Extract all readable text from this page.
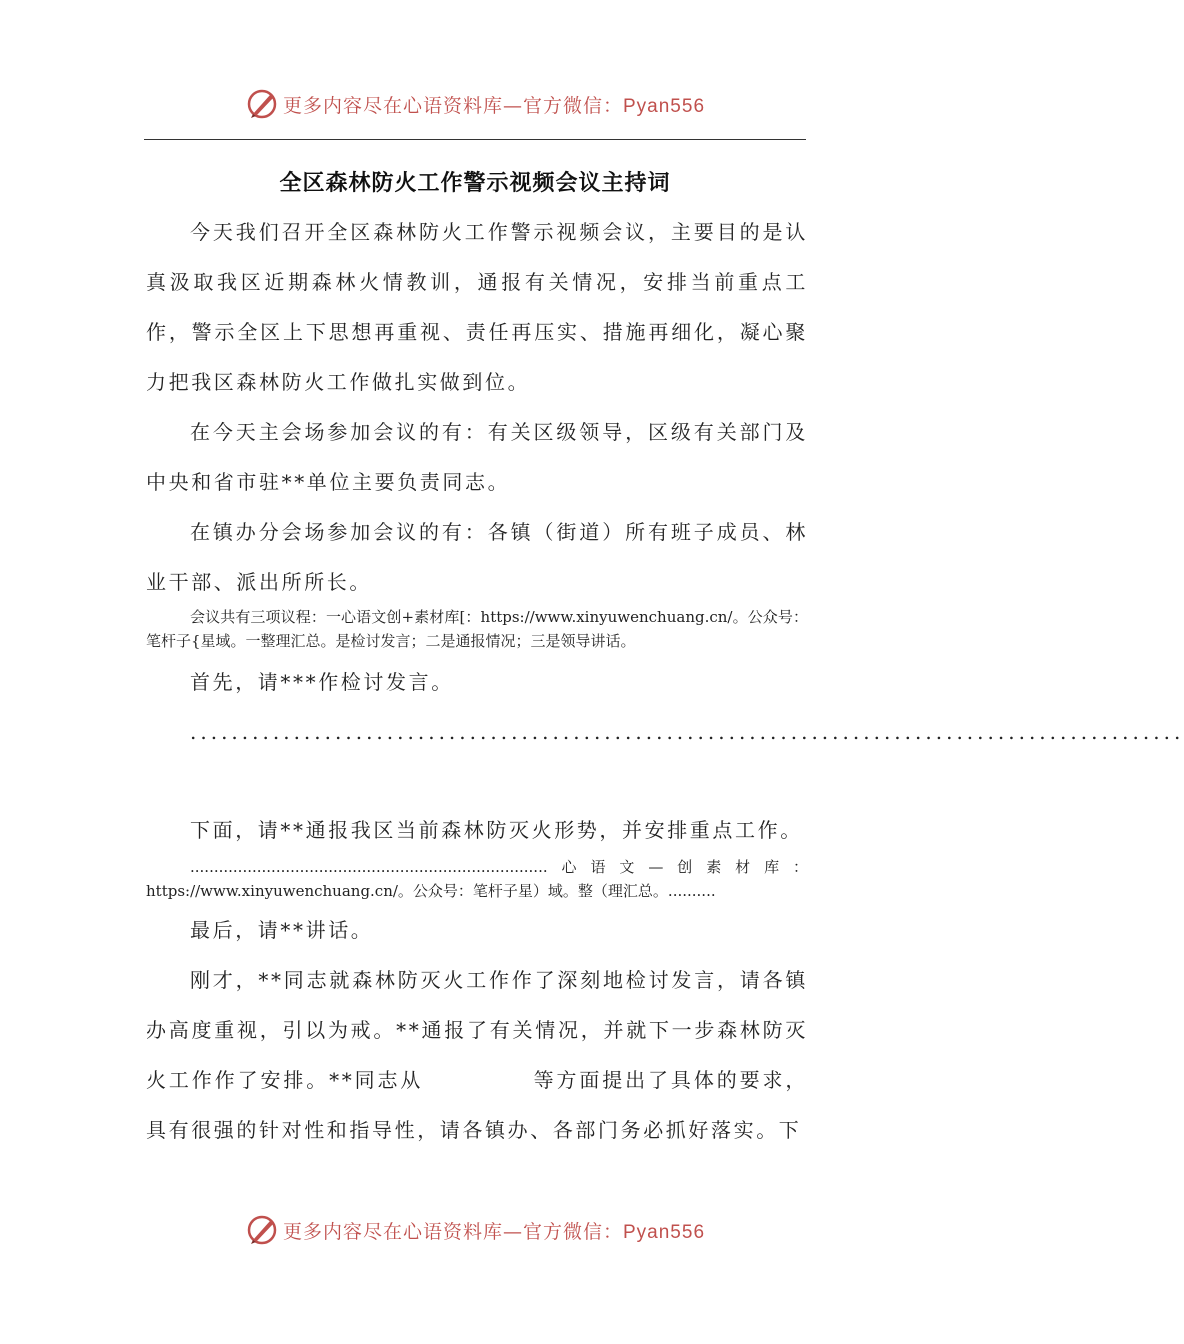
更多内容尽在心语资料库—官方微信：Pyan556
全区森林防火工作警示视频会议主持词

今天我们召开全区森林防火工作警示视频会议，主要目的是认真汲取我区近期森林火情教训，通报有关情况，安排当前重点工作，警示全区上下思想再重视、责任再压实、措施再细化，凝心聚力把我区森林防火工作做扎实做到位。

在今天主会场参加会议的有：有关区级领导，区级有关部门及中央和省市驻**单位主要负责同志。

在镇办分会场参加会议的有：各镇（街道）所有班子成员、林业干部、派出所所长。

会议共有三项议程：一心语文创+素材库[：https://www.xinyuwenchuang.cn/。公众号：笔杆子{星域。一整理汇总。是检讨发言；二是通报情况；三是领导讲话。

首先，请***作检讨发言。

................................................................................................

下面，请**通报我区当前森林防灭火形势，并安排重点工作。

...........................................................................心语文—创素材库：https://www.xinyuwenchuang.cn/。公众号：笔杆子星）域。整（理汇总。..........

最后，请**讲话。

刚才，**同志就森林防灭火工作作了深刻地检讨发言，请各镇办高度重视，引以为戒。**通报了有关情况，并就下一步森林防灭火工作作了安排。**同志从	等方面提出了具体的要求，具有很强的针对性和指导性，请各镇办、各部门务必抓好落实。下

更多内容尽在心语资料库—官方微信：Pyan556
